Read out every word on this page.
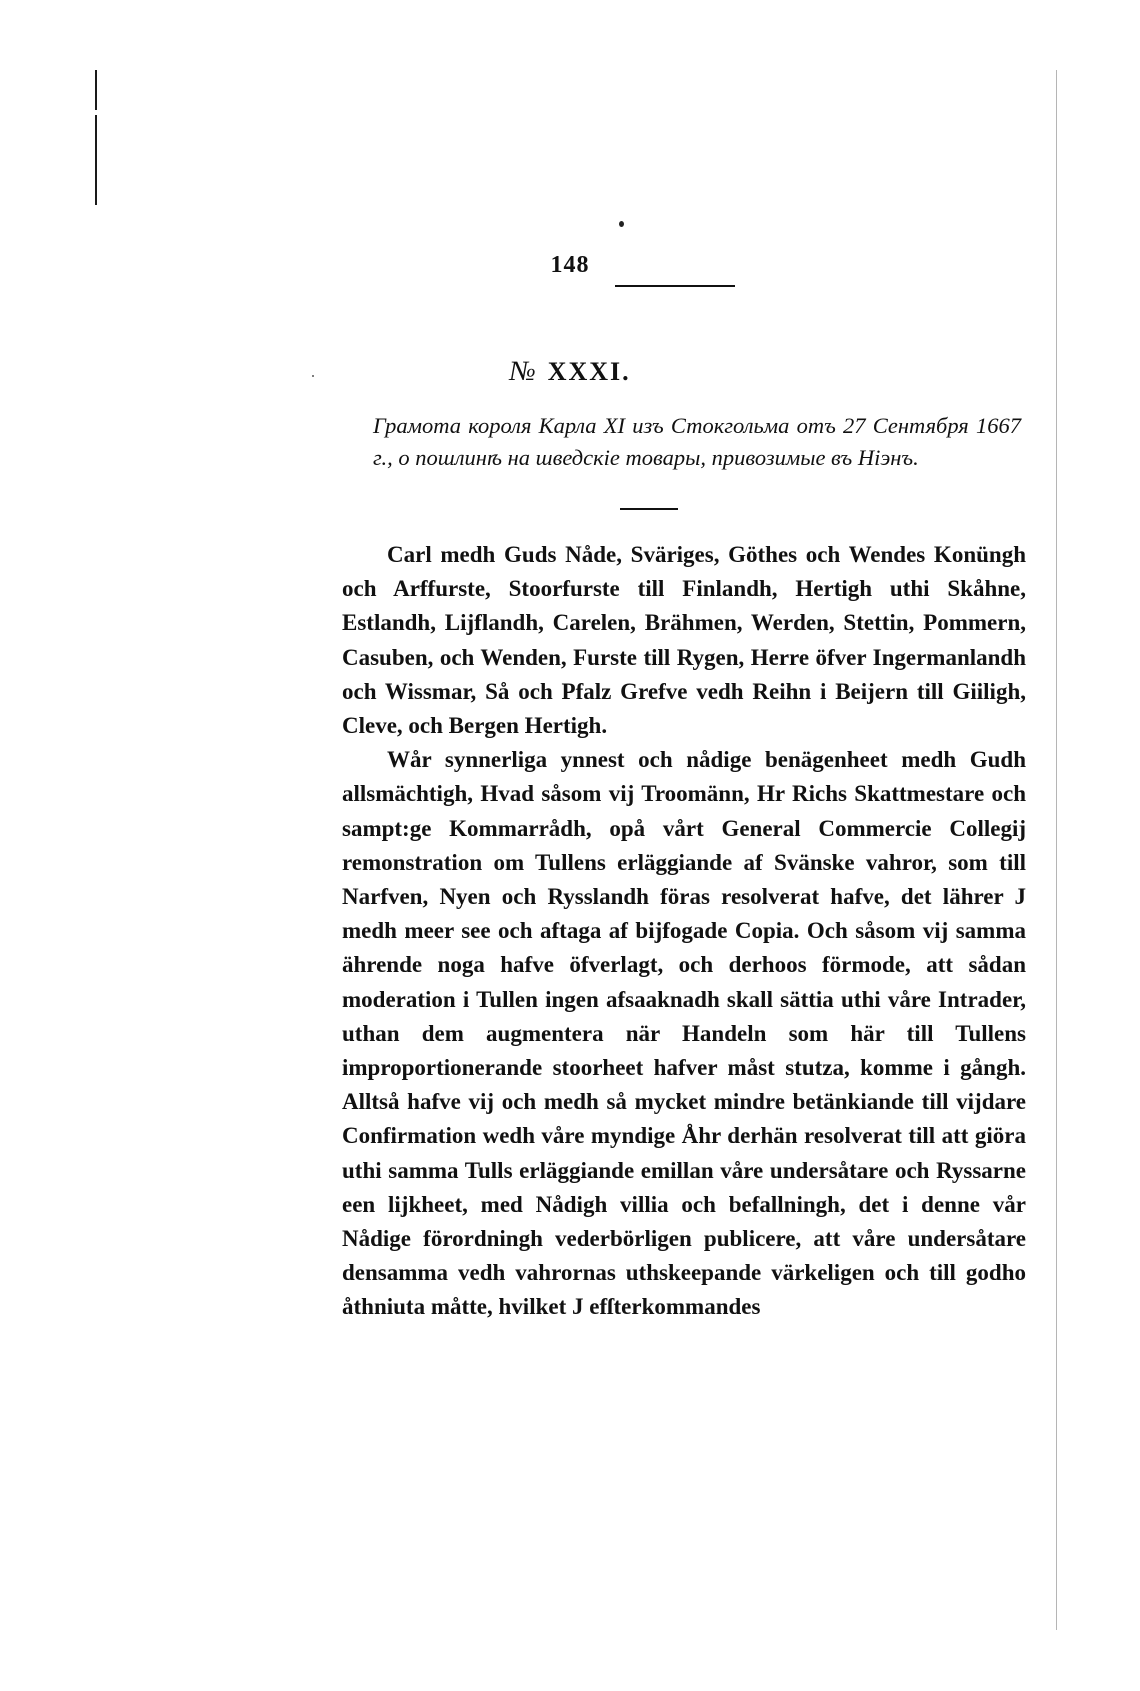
148
№ XXXI.
Грамота короля Карла XI изъ Стокгольма отъ 27 Сентября 1667 г., о пошлинѣ на шведскіе товары, привозимые въ Ніэнъ.

Carl medh Guds Nåde, Sväriges, Göthes och Wendes Konüngh och Arffurste, Stoorfurste till Finlandh, Hertigh uthi Skåhne, Estlandh, Lijflandh, Carelen, Brähmen, Werden, Stettin, Pommern, Casuben, och Wenden, Furste till Rygen, Herre öfver Ingermanlandh och Wissmar, Så och Pfalz Grefve vedh Reihn i Beijern till Giiligh, Cleve, och Bergen Hertigh.

Wår synnerliga ynnest och nådige benägenheet medh Gudh allsmächtigh, Hvad såsom vij Troomänn, Hr Richs Skattmestare och sampt:ge Kommarrådh, opå vårt General Commercie Collegij remonstration om Tullens erläggiande af Svänske vahror, som till Narfven, Nyen och Rysslandh föras resolverat hafve, det lährer J medh meer see och aftaga af bijfogade Copia. Och såsom vij samma ährende noga hafve öfverlagt, och derhoos förmode, att sådan moderation i Tullen ingen afsaaknadh skall sättia uthi våre Intrader, uthan dem augmentera när Handeln som här till Tullens improportionerande stoorheet hafver måst stutza, komme i gångh. Alltså hafve vij och medh så mycket mindre betänkiande till vijdare Confirmation wedh våre myndige Åhr derhän resolverat till att giöra uthi samma Tulls erläggiande emillan våre undersåtare och Ryssarne een lijkheet, med Nådigh villia och befallningh, det i denne vår Nådige förordningh vederbörligen publicere, att våre undersåtare densamma vedh vahrornas uthskeepande värkeligen och till godho åthniuta måtte, hvilket J efſterkommandes
